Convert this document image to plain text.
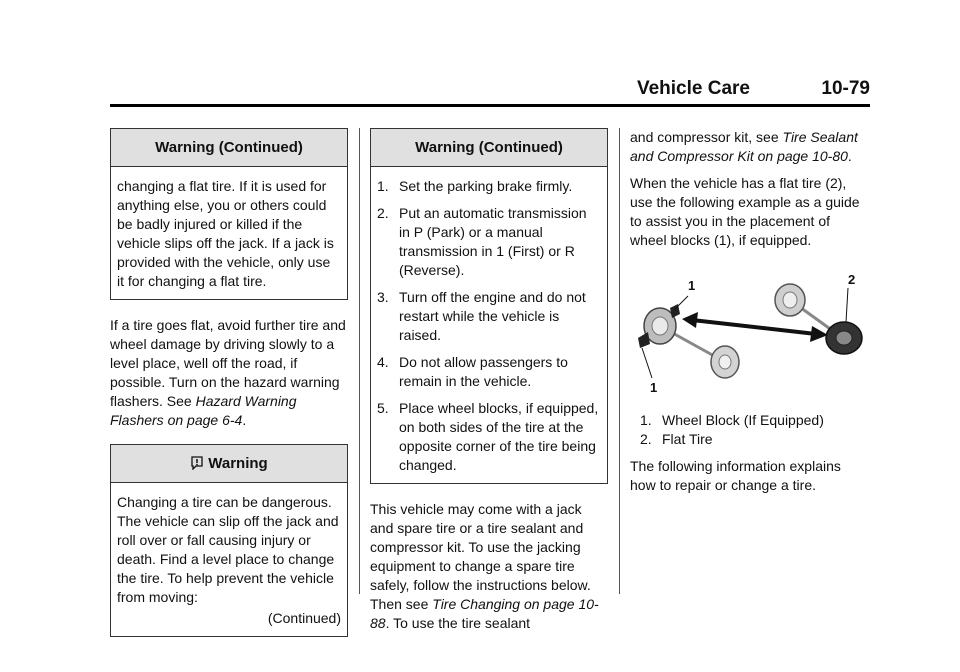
Vehicle Care	10-79
Warning (Continued)

changing a flat tire. If it is used for anything else, you or others could be badly injured or killed if the vehicle slips off the jack. If a jack is provided with the vehicle, only use it for changing a flat tire.

If a tire goes flat, avoid further tire and wheel damage by driving slowly to a level place, well off the road, if possible. Turn on the hazard warning flashers. See Hazard Warning Flashers on page 6-4.

Warning

Changing a tire can be dangerous. The vehicle can slip off the jack and roll over or fall causing injury or death. Find a level place to change the tire. To help prevent the vehicle from moving:

(Continued)

Warning (Continued)
1. Set the parking brake firmly.
2. Put an automatic transmission in P (Park) or a manual transmission in 1 (First) or R (Reverse).
3. Turn off the engine and do not restart while the vehicle is raised.
4. Do not allow passengers to remain in the vehicle.
5. Place wheel blocks, if equipped, on both sides of the tire at the opposite corner of the tire being changed.

This vehicle may come with a jack and spare tire or a tire sealant and compressor kit. To use the jacking equipment to change a spare tire safely, follow the instructions below. Then see Tire Changing on page 10-88. To use the tire sealant

and compressor kit, see Tire Sealant and Compressor Kit on page 10-80.

When the vehicle has a flat tire (2), use the following example as a guide to assist you in the placement of wheel blocks (1), if equipped.

1
1
2
1. Wheel Block (If Equipped)
2. Flat Tire

The following information explains how to repair or change a tire.
